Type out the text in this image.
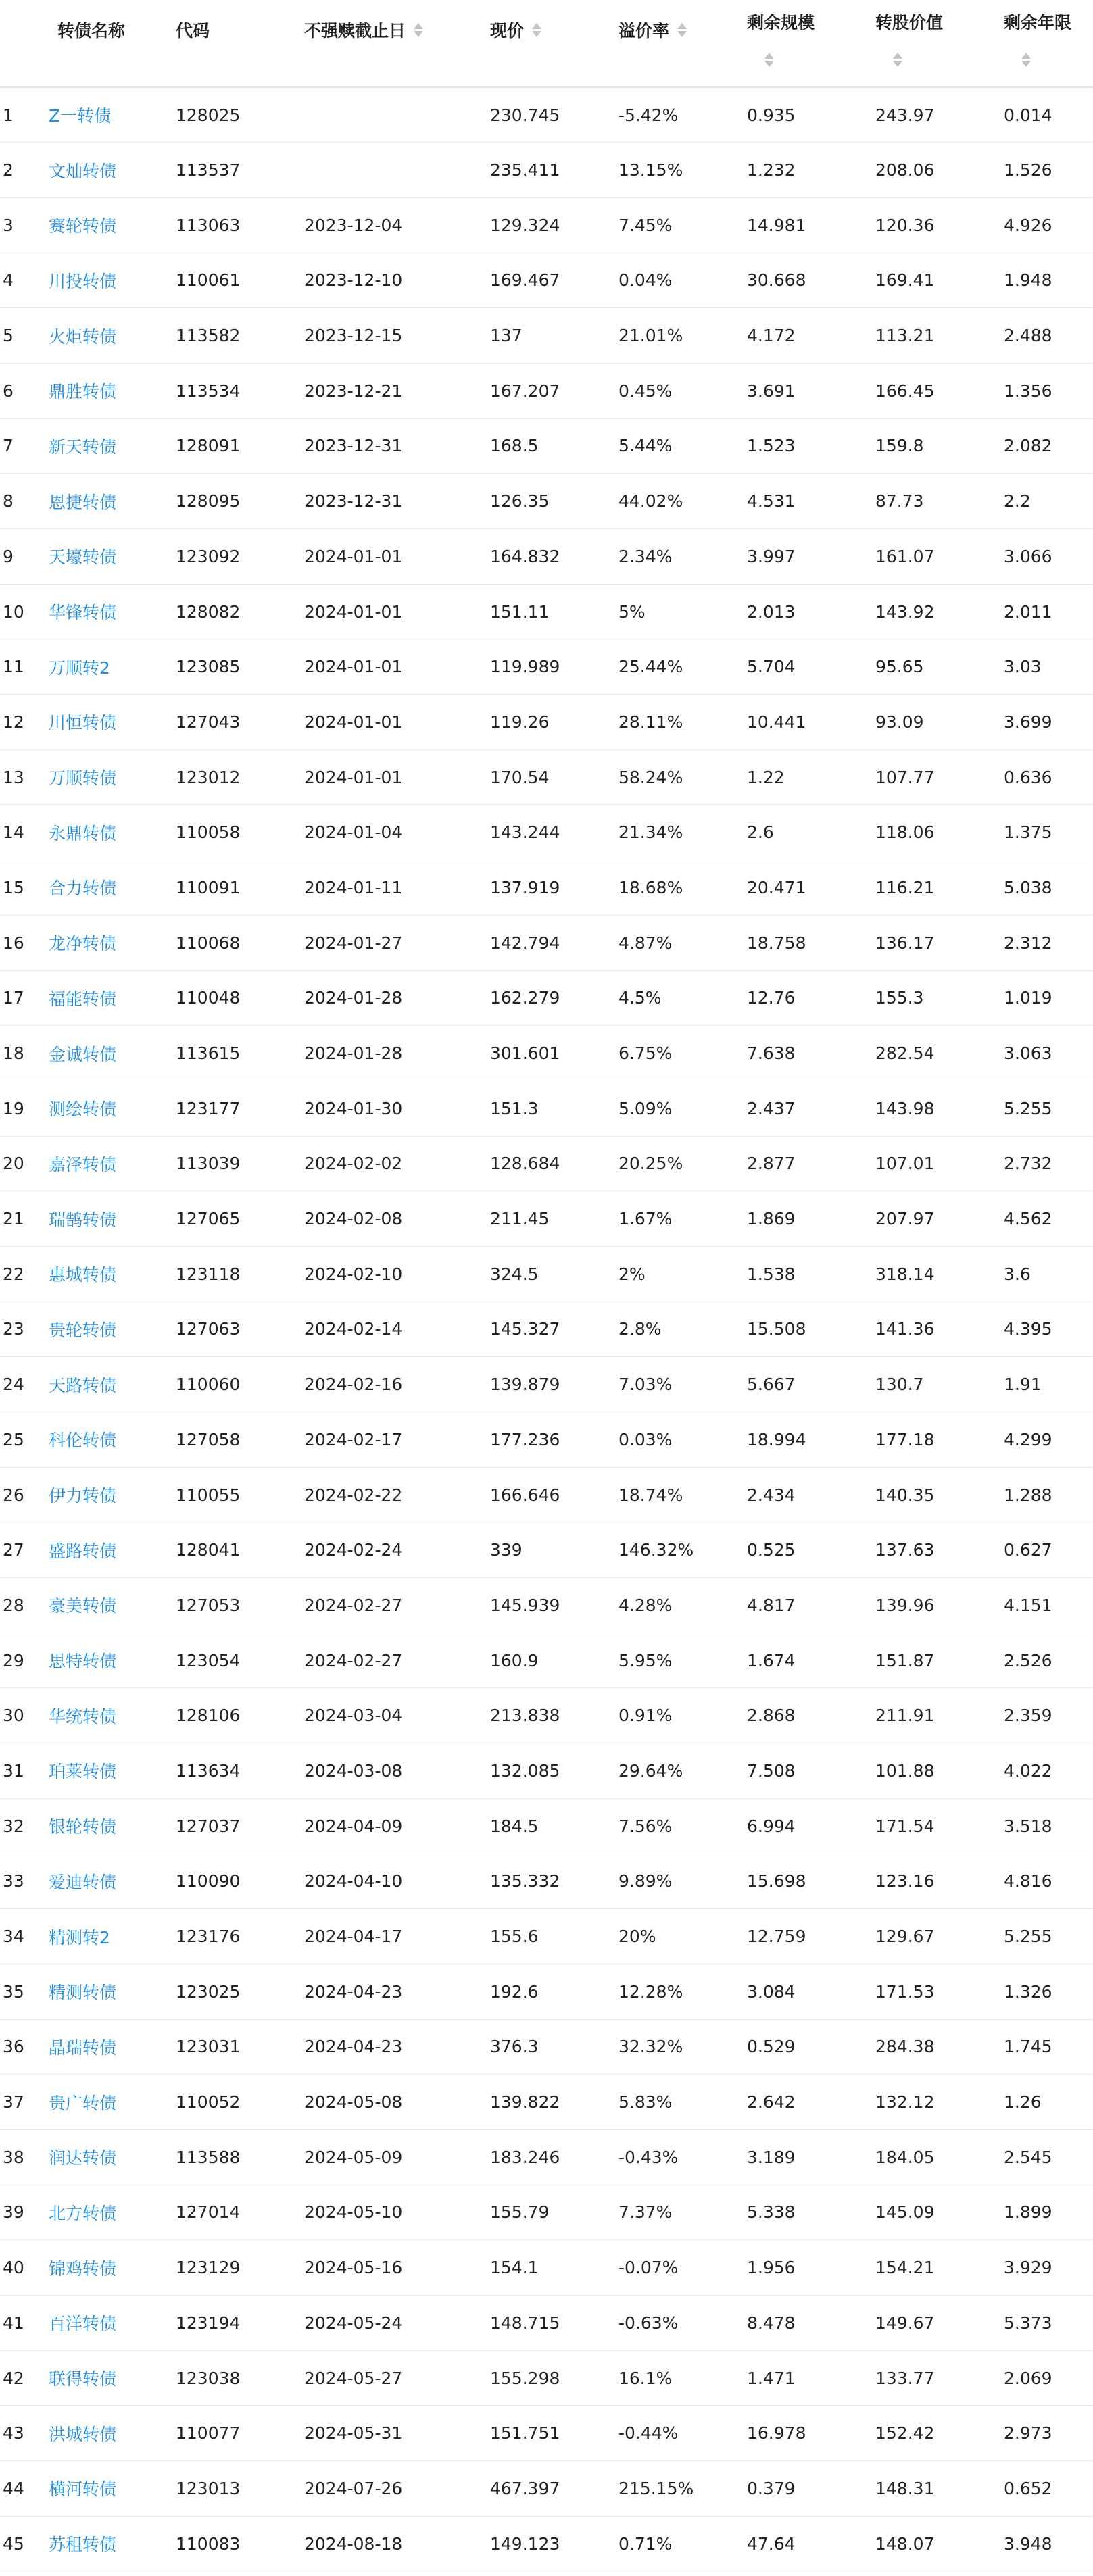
	转债名称	代码	不强赎截止日	现价	溢价率	剩余规模	转股价值	剩余年限

1	Z一转债	128025		230.745	-5.42%	0.935	243.97	0.014
2	文灿转债	113537		235.411	13.15%	1.232	208.06	1.526
3	赛轮转债	113063	2023-12-04	129.324	7.45%	14.981	120.36	4.926
4	川投转债	110061	2023-12-10	169.467	0.04%	30.668	169.41	1.948
5	火炬转债	113582	2023-12-15	137	21.01%	4.172	113.21	2.488
6	鼎胜转债	113534	2023-12-21	167.207	0.45%	3.691	166.45	1.356
7	新天转债	128091	2023-12-31	168.5	5.44%	1.523	159.8	2.082
8	恩捷转债	128095	2023-12-31	126.35	44.02%	4.531	87.73	2.2
9	天壕转债	123092	2024-01-01	164.832	2.34%	3.997	161.07	3.066
10	华锋转债	128082	2024-01-01	151.11	5%	2.013	143.92	2.011
11	万顺转2	123085	2024-01-01	119.989	25.44%	5.704	95.65	3.03
12	川恒转债	127043	2024-01-01	119.26	28.11%	10.441	93.09	3.699
13	万顺转债	123012	2024-01-01	170.54	58.24%	1.22	107.77	0.636
14	永鼎转债	110058	2024-01-04	143.244	21.34%	2.6	118.06	1.375
15	合力转债	110091	2024-01-11	137.919	18.68%	20.471	116.21	5.038
16	龙净转债	110068	2024-01-27	142.794	4.87%	18.758	136.17	2.312
17	福能转债	110048	2024-01-28	162.279	4.5%	12.76	155.3	1.019
18	金诚转债	113615	2024-01-28	301.601	6.75%	7.638	282.54	3.063
19	测绘转债	123177	2024-01-30	151.3	5.09%	2.437	143.98	5.255
20	嘉泽转债	113039	2024-02-02	128.684	20.25%	2.877	107.01	2.732
21	瑞鹄转债	127065	2024-02-08	211.45	1.67%	1.869	207.97	4.562
22	惠城转债	123118	2024-02-10	324.5	2%	1.538	318.14	3.6
23	贵轮转债	127063	2024-02-14	145.327	2.8%	15.508	141.36	4.395
24	天路转债	110060	2024-02-16	139.879	7.03%	5.667	130.7	1.91
25	科伦转债	127058	2024-02-17	177.236	0.03%	18.994	177.18	4.299
26	伊力转债	110055	2024-02-22	166.646	18.74%	2.434	140.35	1.288
27	盛路转债	128041	2024-02-24	339	146.32%	0.525	137.63	0.627
28	豪美转债	127053	2024-02-27	145.939	4.28%	4.817	139.96	4.151
29	思特转债	123054	2024-02-27	160.9	5.95%	1.674	151.87	2.526
30	华统转债	128106	2024-03-04	213.838	0.91%	2.868	211.91	2.359
31	珀莱转债	113634	2024-03-08	132.085	29.64%	7.508	101.88	4.022
32	银轮转债	127037	2024-04-09	184.5	7.56%	6.994	171.54	3.518
33	爱迪转债	110090	2024-04-10	135.332	9.89%	15.698	123.16	4.816
34	精测转2	123176	2024-04-17	155.6	20%	12.759	129.67	5.255
35	精测转债	123025	2024-04-23	192.6	12.28%	3.084	171.53	1.326
36	晶瑞转债	123031	2024-04-23	376.3	32.32%	0.529	284.38	1.745
37	贵广转债	110052	2024-05-08	139.822	5.83%	2.642	132.12	1.26
38	润达转债	113588	2024-05-09	183.246	-0.43%	3.189	184.05	2.545
39	北方转债	127014	2024-05-10	155.79	7.37%	5.338	145.09	1.899
40	锦鸡转债	123129	2024-05-16	154.1	-0.07%	1.956	154.21	3.929
41	百洋转债	123194	2024-05-24	148.715	-0.63%	8.478	149.67	5.373
42	联得转债	123038	2024-05-27	155.298	16.1%	1.471	133.77	2.069
43	洪城转债	110077	2024-05-31	151.751	-0.44%	16.978	152.42	2.973
44	横河转债	123013	2024-07-26	467.397	215.15%	0.379	148.31	0.652
45	苏租转债	110083	2024-08-18	149.123	0.71%	47.64	148.07	3.948
